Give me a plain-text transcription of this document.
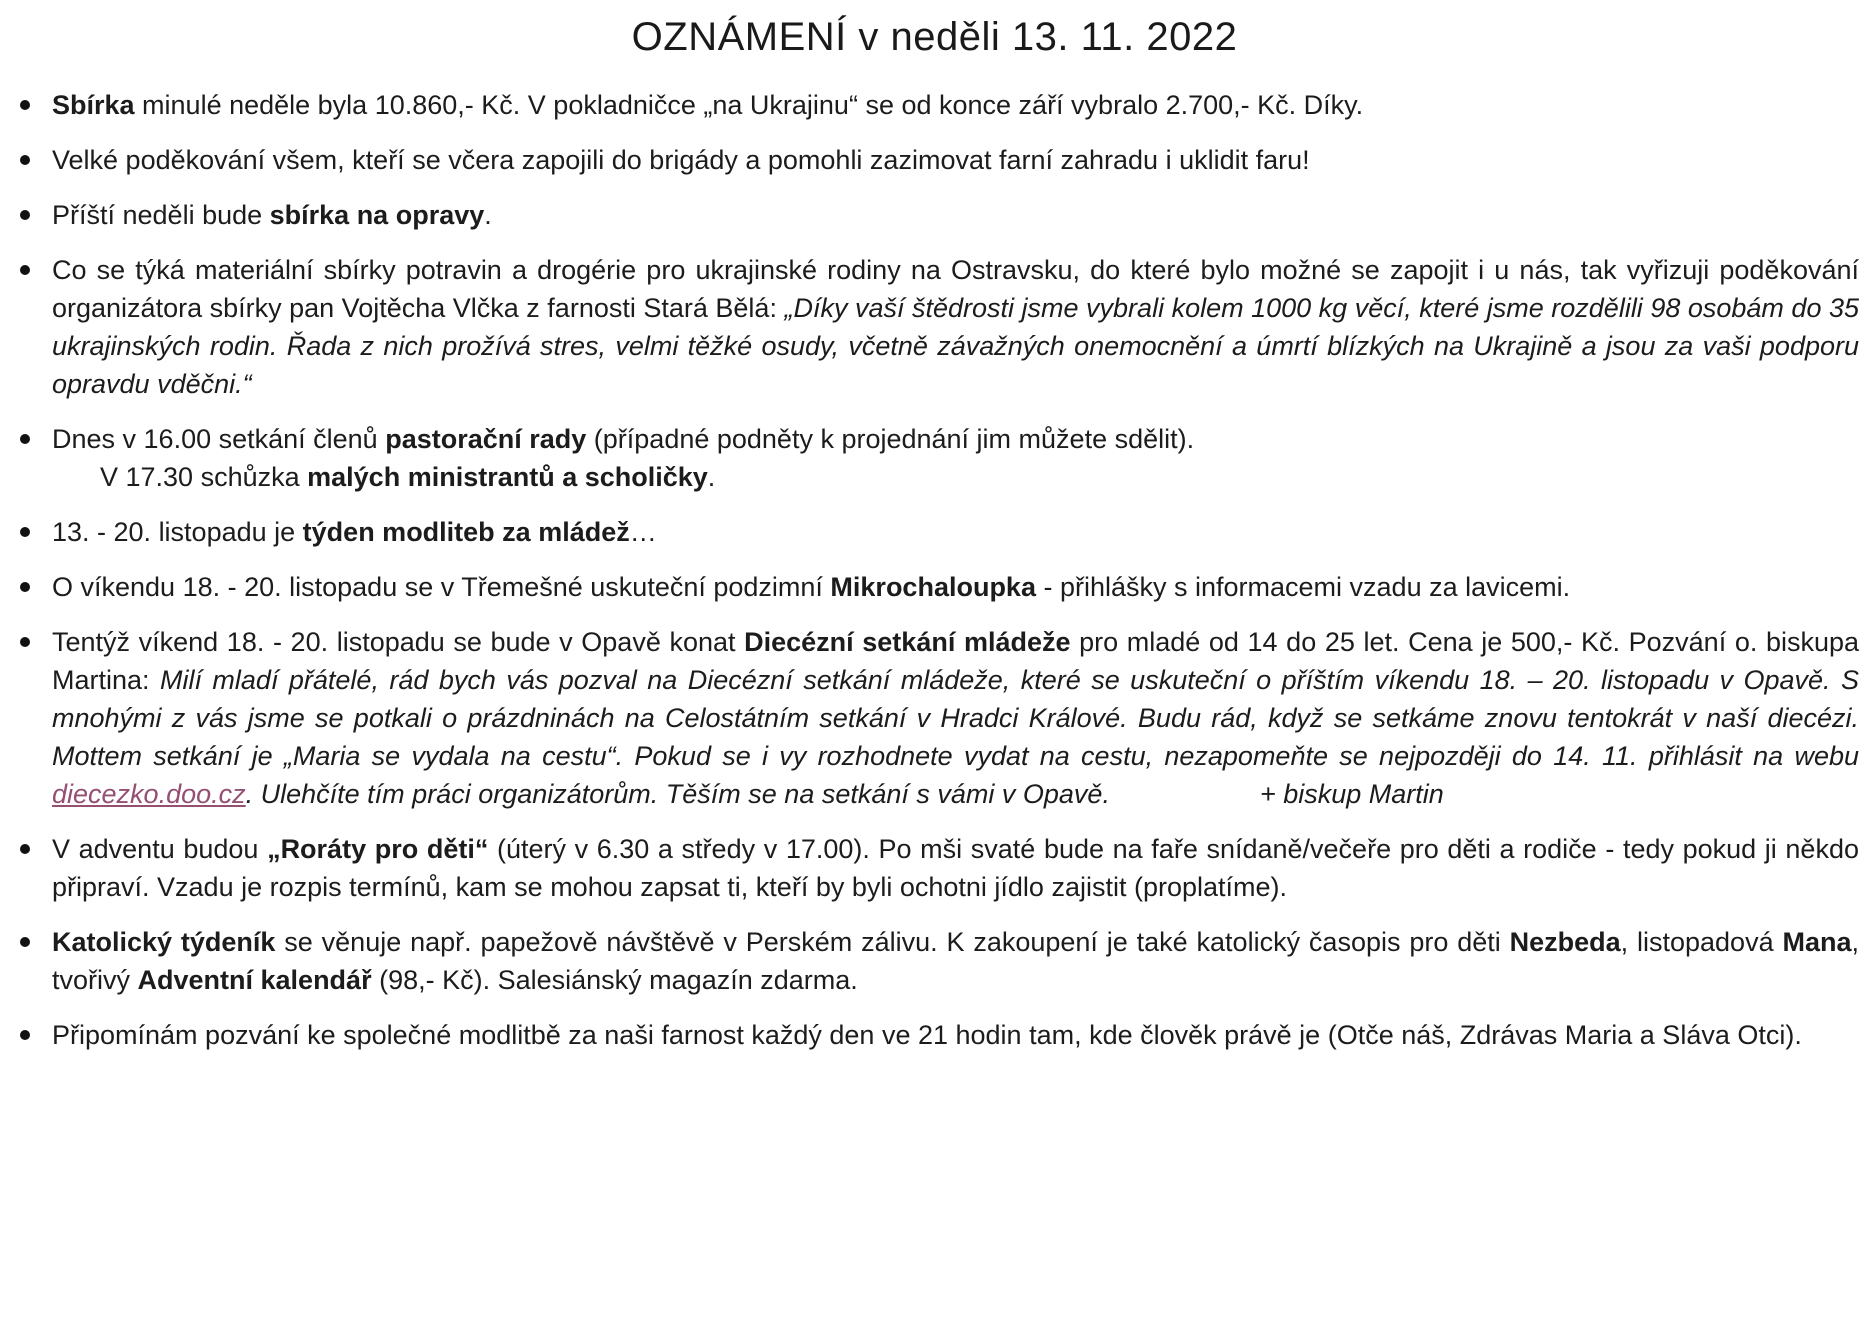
OZNÁMENÍ v neděli 13. 11. 2022
Sbírka minulé neděle byla 10.860,- Kč. V pokladničce „na Ukrajinu“ se od konce září vybralo 2.700,- Kč. Díky.
Velké poděkování všem, kteří se včera zapojili do brigády a pomohli zazimovat farní zahradu i uklidit faru!
Příští neděli bude sbírka na opravy.
Co se týká materiální sbírky potravin a drogérie pro ukrajinské rodiny na Ostravsku, do které bylo možné se zapojit i u nás, tak vyřizuji poděkování organizátora sbírky pan Vojtěcha Vlčka z farnosti Stará Bělá: „Díky vaší štědrosti jsme vybrali kolem 1000 kg věcí, které jsme rozdělili 98 osobám do 35 ukrajinských rodin. Řada z nich prožívá stres, velmi těžké osudy, včetně závažných onemocnění a úmrtí blízkých na Ukrajině a jsou za vaši podporu opravdu vděčni.“
Dnes v 16.00 setkání členů pastorační rady (případné podněty k projednání jim můžete sdělit).
V 17.30 schůzka malých ministrantů a scholičky.
13. - 20. listopadu je týden modliteb za mládež…
O víkendu 18. - 20. listopadu se v Třemešné uskuteční podzimní Mikrochaloupka - přihlášky s informacemi vzadu za lavicemi.
Tentýž víkend 18. - 20. listopadu se bude v Opavě konat Diecézní setkání mládeže pro mladé od 14 do 25 let. Cena je 500,- Kč. Pozvání o. biskupa Martina: Milí mladí přátelé, rád bych vás pozval na Diecézní setkání mládeže, které se uskuteční o příštím víkendu 18. – 20. listopadu v Opavě. S mnohými z vás jsme se potkali o prázdninách na Celostátním setkání v Hradci Králové. Budu rád, když se setkáme znovu tentokrát v naší diecézi. Mottem setkání je „Maria se vydala na cestu“. Pokud se i vy rozhodnete vydat na cestu, nezapomeňte se nejpozději do 14. 11. přihlásit na webu diecezko.doo.cz. Ulehčíte tím práci organizátorům. Těším se na setkání s vámi v Opavě.	+ biskup Martin
V adventu budou „Roráty pro děti“ (úterý v 6.30 a středy v 17.00). Po mši svaté bude na faře snídaně/večeře pro děti a rodiče - tedy pokud ji někdo připraví. Vzadu je rozpis termínů, kam se mohou zapsat ti, kteří by byli ochotni jídlo zajistit (proplatíme).
Katolický týdeník se věnuje např. papežově návštěvě v Perském zálivu. K zakoupení je také katolický časopis pro děti Nezbeda, listopadová Mana, tvořivý Adventní kalendář (98,- Kč). Salesiánský magazín zdarma.
Připomínám pozvání ke společné modlitbě za naši farnost každý den ve 21 hodin tam, kde člověk právě je (Otče náš, Zdrávas Maria a Sláva Otci).
